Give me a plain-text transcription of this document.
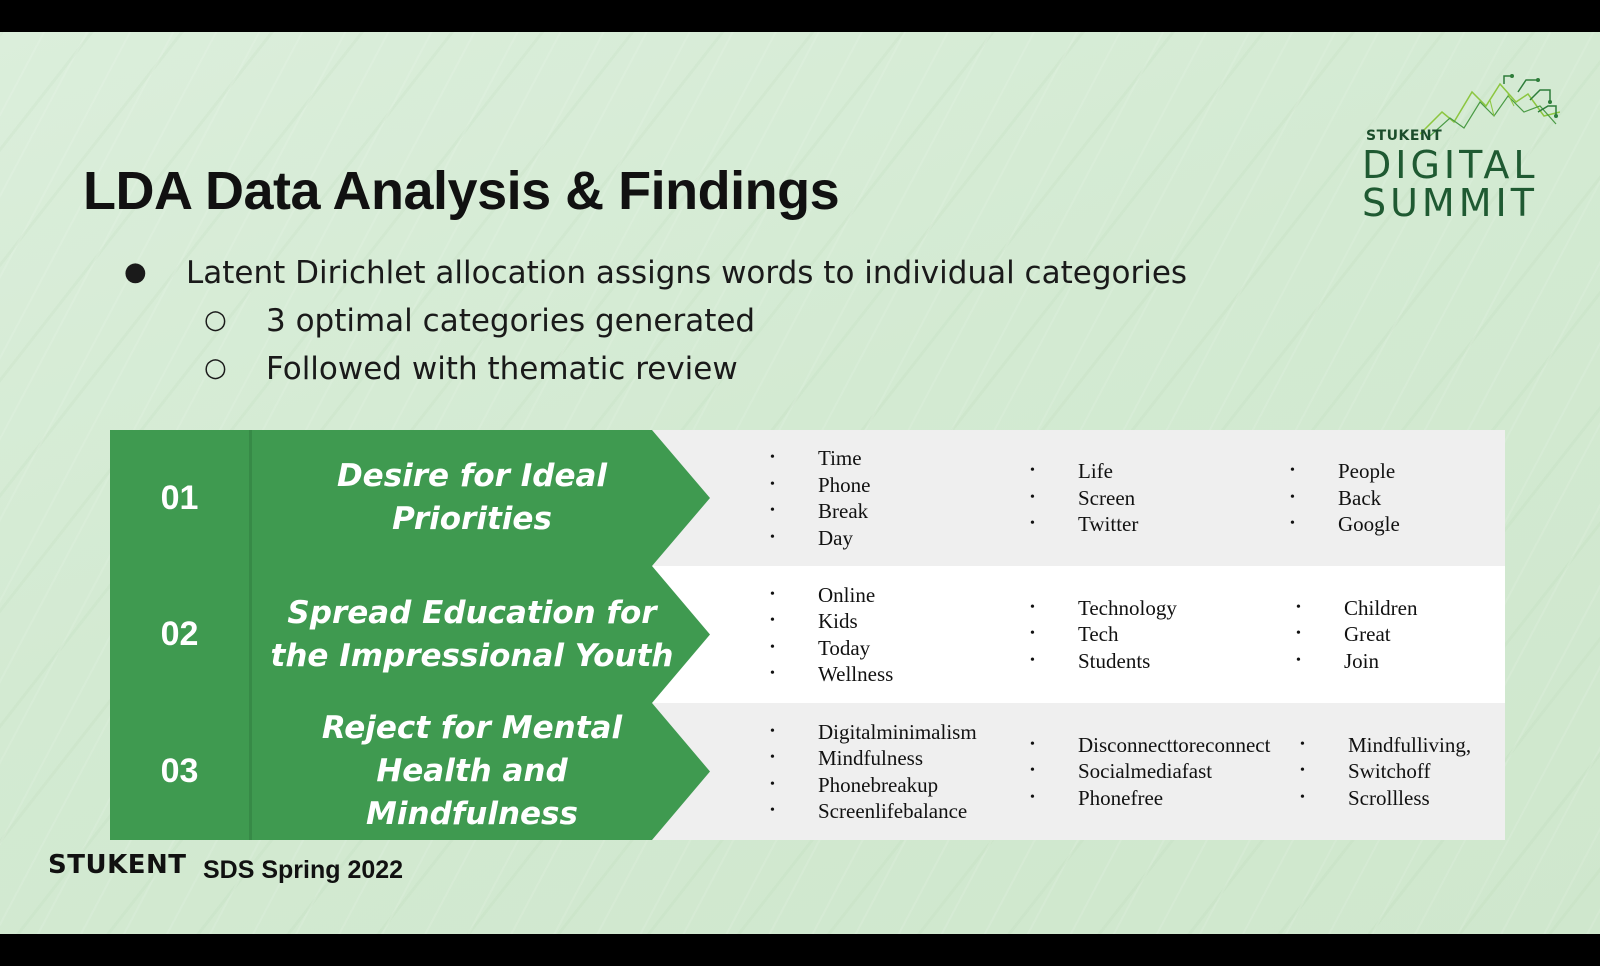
STUKENT
DIGITAL
SUMMIT
LDA Data Analysis & Findings
● Latent Dirichlet allocation assigns words to individual categories
○ 3 optimal categories generated
○ Followed with thematic review
01
Desire for Ideal Priorities
• Time
• Phone
• Break
• Day
• Life
• Screen
• Twitter
• People
• Back
• Google
02
Spread Education for the Impressional Youth
• Online
• Kids
• Today
• Wellness
• Technology
• Tech
• Students
• Children
• Great
• Join
03
Reject for Mental Health and Mindfulness
• Digitalminimalism
• Mindfulness
• Phonebreakup
• Screenlifebalance
• Disconnecttoreconnect
• Socialmediafast
• Phonefree
• Mindfulliving,
• Switchoff
• Scrollless
STUKENT SDS Spring 2022
